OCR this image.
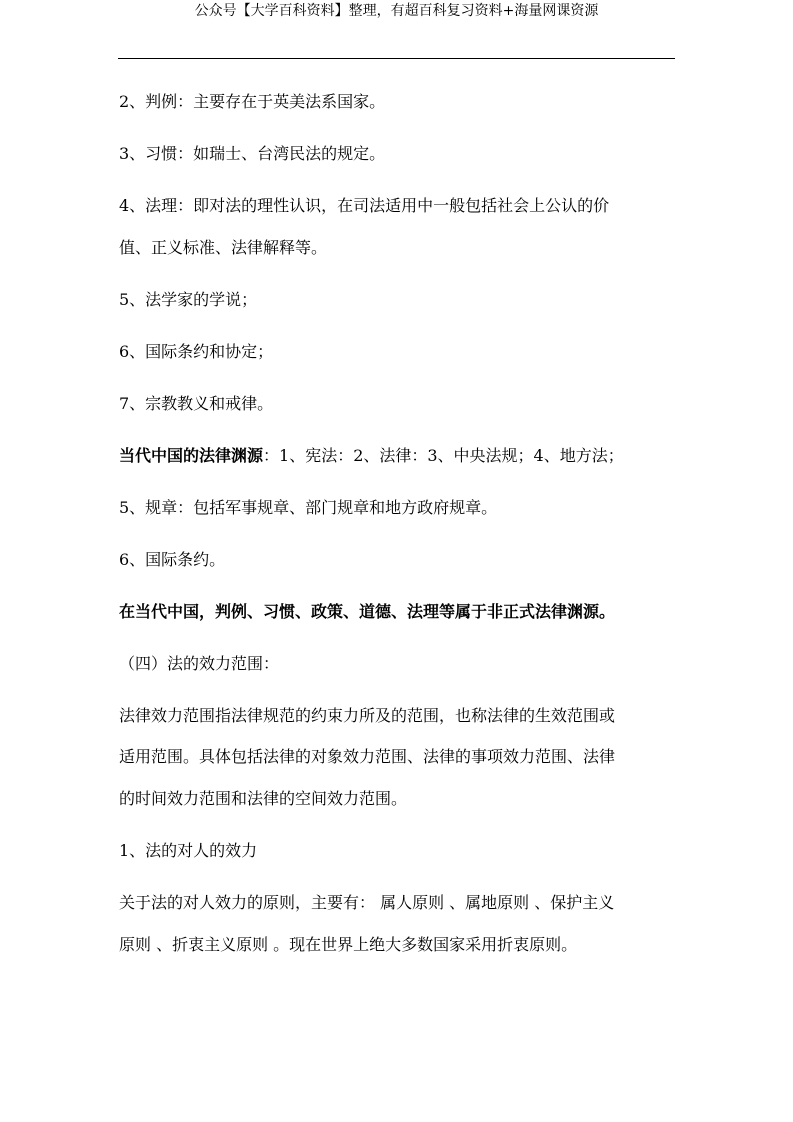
公众号【大学百科资料】整理，有超百科复习资料+海量网课资源
2、判例：主要存在于英美法系国家。
3、习惯：如瑞士、台湾民法的规定。
4、法理：即对法的理性认识，在司法适用中一般包括社会上公认的价
值、正义标准、法律解释等。
5、法学家的学说；
6、国际条约和协定；
7、宗教教义和戒律。
当代中国的法律渊源：1、宪法：2、法律：3、中央法规；4、地方法；
5、规章：包括军事规章、部门规章和地方政府规章。
6、国际条约。
在当代中国，判例、习惯、政策、道德、法理等属于非正式法律渊源。
（四）法的效力范围：
法律效力范围指法律规范的约束力所及的范围，也称法律的生效范围或
适用范围。具体包括法律的对象效力范围、法律的事项效力范围、法律
的时间效力范围和法律的空间效力范围。
1、法的对人的效力
关于法的对人效力的原则，主要有： 属人原则 、属地原则 、保护主义
原则 、折衷主义原则 。现在世界上绝大多数国家采用折衷原则。
